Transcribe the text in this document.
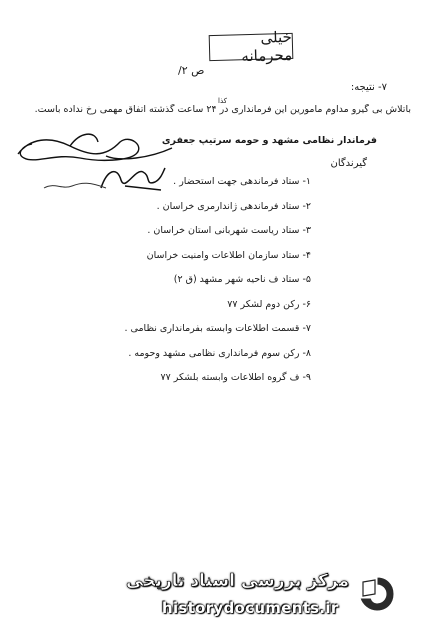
خیلی محرمانه
ص ۲/
۷- نتیجه:
کذا
باتلاش بی گیرو مداوم مامورین این فرماندارى در ۲۴ ساعت گذشته اتفاق مهمی رخ نداده باست.
فرماندار نظامی مشهد و حومه سرتیپ جعفری
گیرندگان
۱- ستاد فرماندهی جهت استحضار .
۲- ستاد فرماندهی ژاندارمری خراسان .
۳- ستاد ریاست شهربانی استان خراسان .
۴- ستاد سازمان اطلاعات وامنیت خراسان
۵- ستاد ف ناحیه شهر مشهد (ق ۲)
۶- رکن دوم لشکر ۷۷
۷- قسمت اطلاعات وابسته بفرمانداری نظامی .
۸- رکن سوم فرمانداری نظامی مشهد وحومه .
۹- ف گروه اطلاعات وابسته بلشکر ۷۷
مرکز بررسی اسناد تاریخی
historydocuments.ir
